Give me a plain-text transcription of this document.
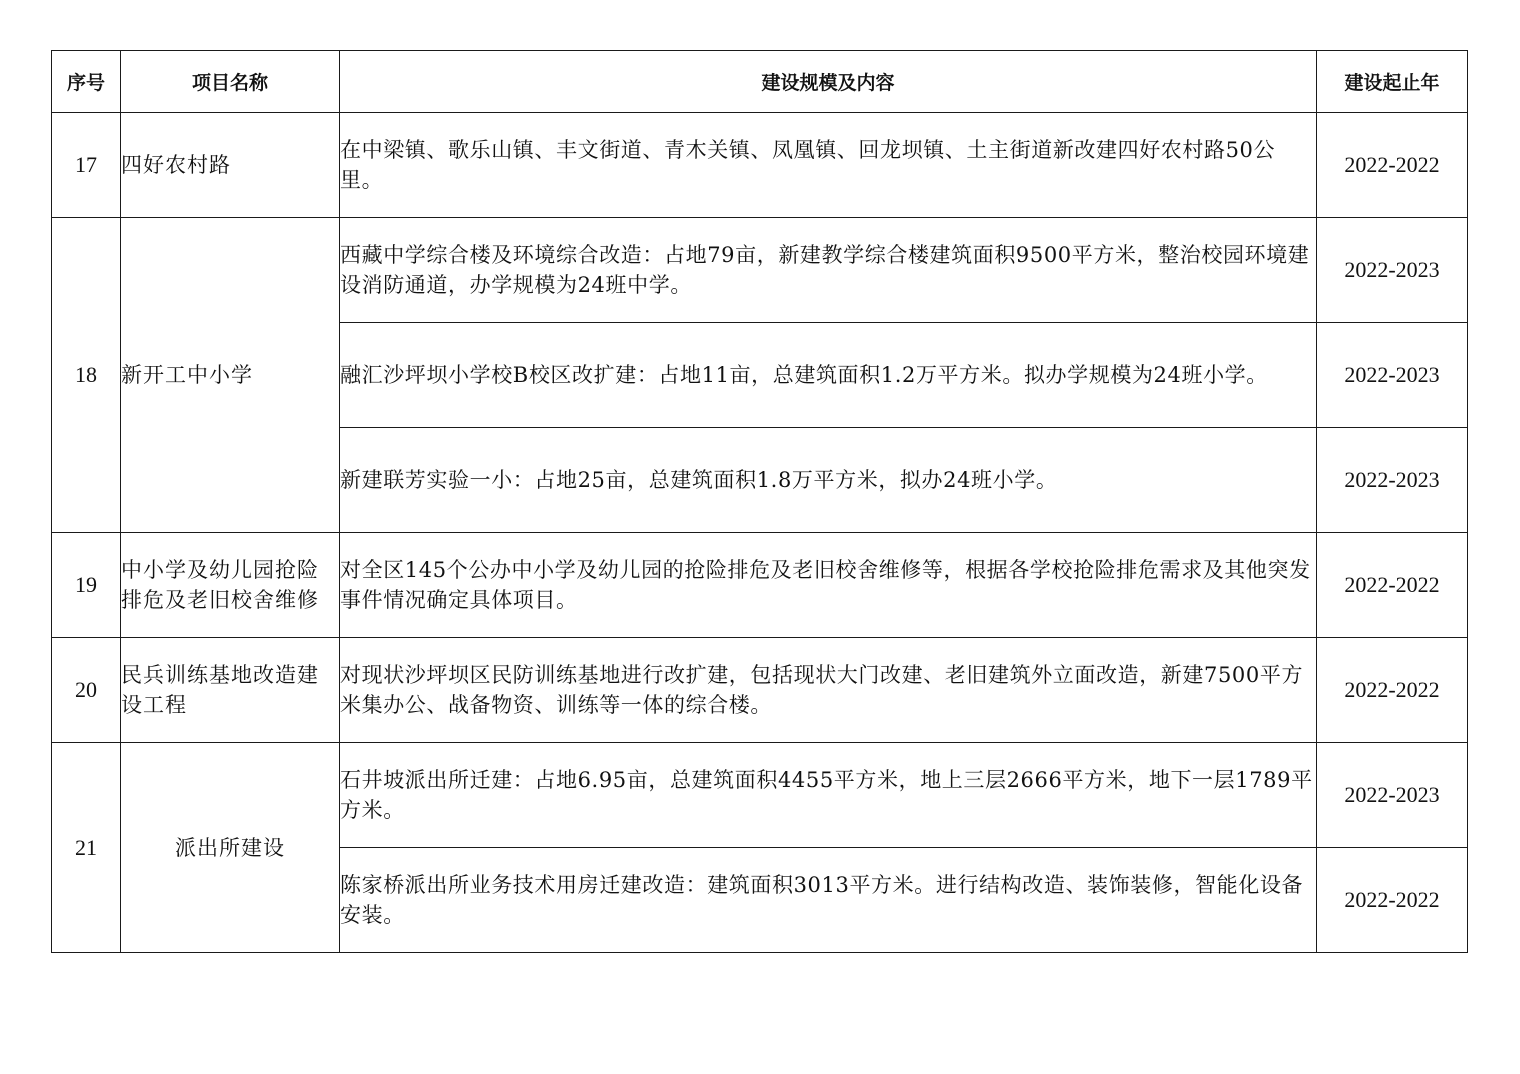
序号	项目名称	建设规模及内容	建设起止年
17	四好农村路	在中梁镇、歌乐山镇、丰文街道、青木关镇、凤凰镇、回龙坝镇、土主街道新改建四好农村路50公里。	2022-2022
18	新开工中小学	西藏中学综合楼及环境综合改造：占地79亩，新建教学综合楼建筑面积9500平方米，整治校园环境建设消防通道，办学规模为24班中学。	2022-2023
		融汇沙坪坝小学校B校区改扩建：占地11亩，总建筑面积1.2万平方米。拟办学规模为24班小学。	2022-2023
		新建联芳实验一小：占地25亩，总建筑面积1.8万平方米，拟办24班小学。	2022-2023
19	中小学及幼儿园抢险排危及老旧校舍维修	对全区145个公办中小学及幼儿园的抢险排危及老旧校舍维修等，根据各学校抢险排危需求及其他突发事件情况确定具体项目。	2022-2022
20	民兵训练基地改造建设工程	对现状沙坪坝区民防训练基地进行改扩建，包括现状大门改建、老旧建筑外立面改造，新建7500平方米集办公、战备物资、训练等一体的综合楼。	2022-2022
21	派出所建设	石井坡派出所迁建：占地6.95亩，总建筑面积4455平方米，地上三层2666平方米，地下一层1789平方米。	2022-2023
		陈家桥派出所业务技术用房迁建改造：建筑面积3013平方米。进行结构改造、装饰装修，智能化设备安装。	2022-2022
